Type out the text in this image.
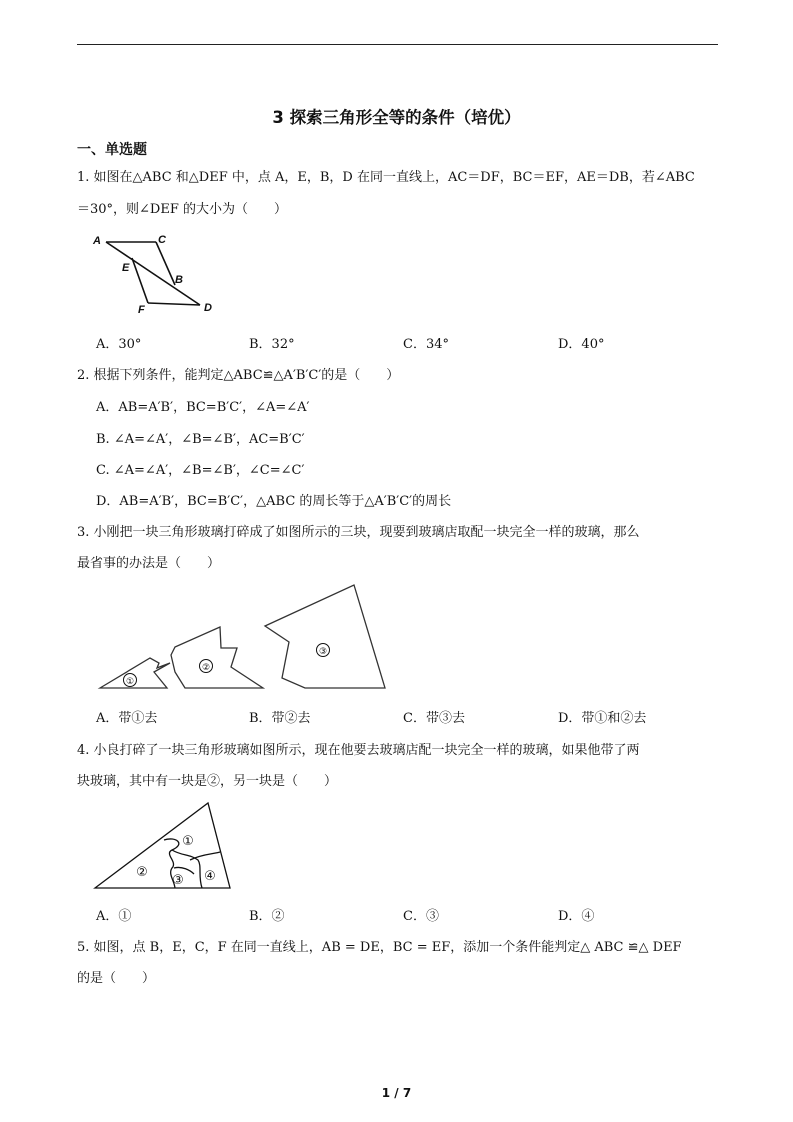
3 探索三角形全等的条件（培优）
一、单选题
1. 如图在△ABC 和△DEF 中，点 A，E，B，D 在同一直线上，AC＝DF，BC＝EF，AE＝DB，若∠ABC
＝30°，则∠DEF 的大小为（　　）
A	C
E
B
F	D
A．30°	B．32°	C．34°	D．40°
2. 根据下列条件，能判定△ABC≌△A′B′C′的是（　　）
A．AB=A′B′，BC=B′C′，∠A=∠A′
B. ∠A=∠A′，∠B=∠B′，AC=B′C′
C. ∠A=∠A′，∠B=∠B′，∠C=∠C′
D．AB=A′B′，BC=B′C′，△ABC 的周长等于△A′B′C′的周长
3. 小刚把一块三角形玻璃打碎成了如图所示的三块，现要到玻璃店取配一块完全一样的玻璃，那么
最省事的办法是（　　）
①
②
③
A．带①去	B．带②去	C．带③去	D．带①和②去
4. 小良打碎了一块三角形玻璃如图所示，现在他要去玻璃店配一块完全一样的玻璃，如果他带了两
块玻璃，其中有一块是②，另一块是（　　）
①
②
③ ④
A．①	B．②	C．③	D．④
5. 如图，点 B，E，C，F 在同一直线上，AB = DE，BC = EF，添加一个条件能判定△ ABC ≌△ DEF
的是（　　）
1 / 7
